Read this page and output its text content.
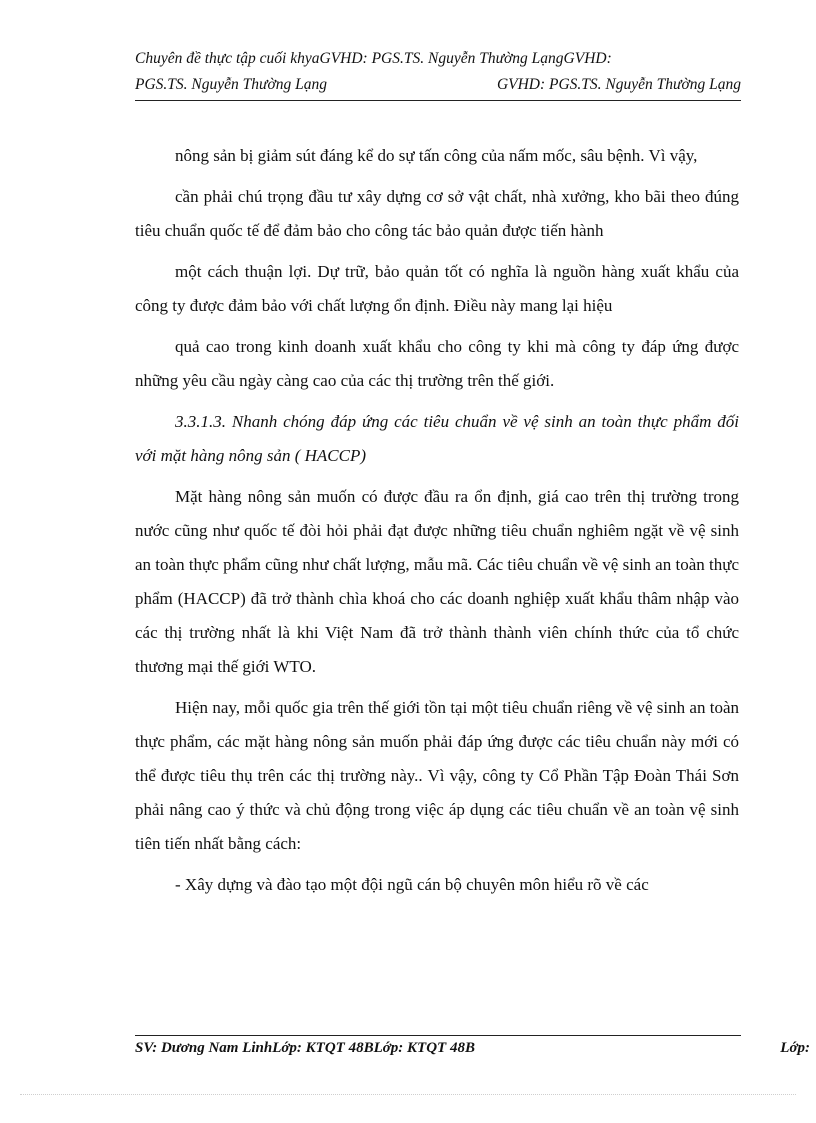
Chuyên đề thực tập cuối khyaGVHD: PGS.TS. Nguyễn Thường LạngGVHD:
PGS.TS. Nguyễn Thường Lạng	GVHD: PGS.TS. Nguyễn Thường Lạng

nông sản bị giảm sút đáng kể do sự tấn công của nấm mốc, sâu bệnh. Vì vậy,

cần phải chú trọng đầu tư xây dựng cơ sở vật chất, nhà xưởng, kho bãi theo đúng tiêu chuẩn quốc tế để đảm bảo cho công tác bảo quản được tiến hành

một cách thuận lợi. Dự trữ, bảo quản tốt có nghĩa là nguồn hàng xuất khẩu của công ty được đảm bảo với chất lượng ổn định. Điều này mang lại hiệu

quả cao trong kinh doanh xuất khẩu cho công ty khi mà công ty đáp ứng được những yêu cầu ngày càng cao của các thị trường trên thế giới.

3.3.1.3. Nhanh chóng đáp ứng các tiêu chuẩn về vệ sinh an toàn thực phẩm đối với mặt hàng nông sản ( HACCP)

Mặt hàng nông sản muốn có được đầu ra ổn định, giá cao trên thị trường trong nước cũng như quốc tế đòi hỏi phải đạt được những tiêu chuẩn nghiêm ngặt về vệ sinh an toàn thực phẩm cũng như chất lượng, mẫu mã. Các tiêu chuẩn về vệ sinh an toàn thực phẩm (HACCP) đã trở thành chìa khoá cho các doanh nghiệp xuất khẩu thâm nhập vào các thị trường nhất là khi Việt Nam đã trở thành thành viên chính thức của tổ chức thương mại thế giới WTO.

Hiện nay, mỗi quốc gia trên thế giới tồn tại một tiêu chuẩn riêng về vệ sinh an toàn thực phẩm, các mặt hàng nông sản muốn phải đáp ứng được các tiêu chuẩn này mới có thể được tiêu thụ trên các thị trường này.. Vì vậy, công ty Cổ Phần Tập Đoàn Thái Sơn phải nâng cao ý thức và chủ động trong việc áp dụng các tiêu chuẩn về an toàn vệ sinh tiên tiến nhất bằng cách:

- Xây dựng và đào tạo một đội ngũ cán bộ chuyên môn hiểu rõ về các

SV: Dương Nam LinhLớp: KTQT 48BLớp: KTQT 48B	Lớp:
